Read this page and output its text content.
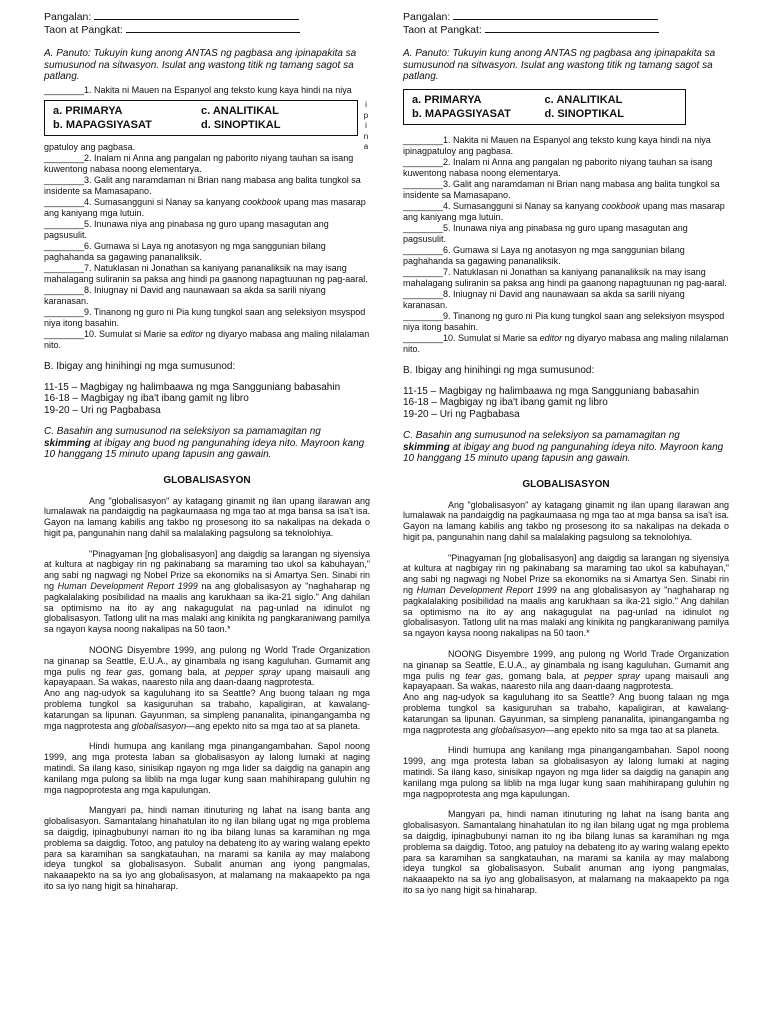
Pangalan:
Taon at Pangkat:
A. Panuto: Tukuyin kung anong ANTAS ng pagbasa ang ipinapakita sa sumusunod na sitwasyon. Isulat ang wastong titik ng tamang sagot sa patlang.
________1. Nakita ni Mauen na Espanyol ang teksto kung kaya hindi na niya
a. PRIMARYA	c. ANALITIKAL
b. MAPAGSIYASAT	d. SINOPTIKAL
gpatuloy ang pagbasa.
________2. Inalam ni Anna ang pangalan ng paborito niyang tauhan sa isang kuwentong nabasa noong elementarya.
________3. Galit ang naramdaman ni Brian nang mabasa ang balita tungkol sa insidente sa Mamasapano.
________4. Sumasangguni si Nanay sa kanyang cookbook upang mas masarap ang kaniyang mga lutuin.
________5. Inunawa niya ang pinabasa ng guro upang masagutan ang pagsusulit.
________6. Gumawa si Laya ng anotasyon ng mga sanggunian bilang paghahanda sa gagawing pananaliksik.
________7. Natuklasan ni Jonathan sa kaniyang pananaliksik na may isang mahalagang suliranin sa paksa ang hindi pa gaanong napagtuunan ng pag-aaral.
________8. Iniugnay ni David ang naunawaan sa akda sa sarili niyang karanasan.
________9. Tinanong ng guro ni Pia kung tungkol saan ang seleksiyon msyspod niya itong basahin.
________10. Sumulat si Marie sa editor ng diyaryo mabasa ang maling nilalaman nito.
B. Ibigay ang hinihingi ng mga sumusunod:
11-15 – Magbigay ng halimbaawa ng mga Sangguniang babasahin
16-18 – Magbigay ng iba't ibang gamit ng libro
19-20 – Uri ng Pagbabasa
C. Basahin ang sumusunod na seleksiyon sa pamamagitan ng skimming at ibigay ang buod ng pangunahing ideya nito. Mayroon kang 10 hanggang 15 minuto upang tapusin ang gawain.
GLOBALISASYON

Ang "globalisasyon" ay katagang ginamit ng ilan upang ilarawan ang lumalawak na pandaigdig na pagkaumaasa ng mga tao at mga bansa sa isa't isa. Gayon na lamang kabilis ang takbo ng prosesong ito sa nakalipas na dekada o higit pa, pangunahin nang dahil sa malalaking pagsulong sa teknolohiya.

"Pinagyaman [ng globalisasyon] ang daigdig sa larangan ng siyensiya at kultura at nagbigay rin ng pakinabang sa maraming tao ukol sa kabuhayan," ang sabi ng nagwagi ng Nobel Prize sa ekonomiks na si Amartya Sen. Sinabi rin ng Human Development Report 1999 na ang globalisasyon ay "naghaharap ng pagkalalaking posibilidad na maalis ang karukhaan sa ika-21 siglo." Ang dahilan sa optimismo na ito ay ang nakagugulat na pag-unlad na idinulot ng globalisasyon. Tatlong ulit na mas malaki ang kinikita ng pangkaraniwang pamilya sa ngayon kaysa noong nakalipas na 50 taon.*

NOONG Disyembre 1999, ang pulong ng World Trade Organization na ginanap sa Seattle, E.U.A., ay ginambala ng isang kaguluhan. Gumamit ang mga pulis ng tear gas, gomang bala, at pepper spray upang maisauli ang kapayapaan. Sa wakas, naaresto nila ang daan-daang nagprotesta.

Ano ang nag-udyok sa kaguluhang ito sa Seattle? Ang buong talaan ng mga problema tungkol sa kasiguruhan sa trabaho, kapaligiran, at kawalang-katarungan sa lipunan. Gayunman, sa simpleng pananalita, ipinangangamba ng mga nagprotesta ang globalisasyon—ang epekto nito sa mga tao at sa planeta.

Hindi humupa ang kanilang mga pinangangambahan. Sapol noong 1999, ang mga protesta laban sa globalisasyon ay lalong lumaki at naging matindi. Sa ilang kaso, sinisikap ngayon ng mga lider sa daigdig na ganapin ang kanilang mga pulong sa liblib na mga lugar kung saan mahihirapang guluhin ng mga nagpoprotesta ang mga kapulungan.

Mangyari pa, hindi naman itinuturing ng lahat na isang banta ang globalisasyon. Samantalang hinahatulan ito ng ilan bilang ugat ng mga problema sa daigdig, ipinagbubunyi naman ito ng iba bilang lunas sa karamihan ng mga problema sa daigdig. Totoo, ang patuloy na debateng ito ay waring walang epekto para sa karamihan sa sangkatauhan, na marami sa kanila ay may malabong ideya tungkol sa globalisasyon. Subalit anuman ang iyong pangmalas, nakaaapekto na sa iyo ang globalisasyon, at malamang na makaapekto pa nga ito sa iyo nang higit sa hinaharap.

i
p
i
n
a
Pangalan:
Taon at Pangkat:
A. Panuto: Tukuyin kung anong ANTAS ng pagbasa ang ipinapakita sa sumusunod na sitwasyon. Isulat ang wastong titik ng tamang sagot sa patlang.
a. PRIMARYA	c. ANALITIKAL
b. MAPAGSIYASAT	d. SINOPTIKAL
________1. Nakita ni Mauen na Espanyol ang teksto kung kaya hindi na niya ipinagpatuloy ang pagbasa.
________2. Inalam ni Anna ang pangalan ng paborito niyang tauhan sa isang kuwentong nabasa noong elementarya.
________3. Galit ang naramdaman ni Brian nang mabasa ang balita tungkol sa insidente sa Mamasapano.
________4. Sumasangguni si Nanay sa kanyang cookbook upang mas masarap ang kaniyang mga lutuin.
________5. Inunawa niya ang pinabasa ng guro upang masagutan ang pagsusulit.
________6. Gumawa si Laya ng anotasyon ng mga sanggunian bilang paghahanda sa gagawing pananaliksik.
________7. Natuklasan ni Jonathan sa kaniyang pananaliksik na may isang mahalagang suliranin sa paksa ang hindi pa gaanong napagtuunan ng pag-aaral.
________8. Iniugnay ni David ang naunawaan sa akda sa sarili niyang karanasan.
________9. Tinanong ng guro ni Pia kung tungkol saan ang seleksiyon msyspod niya itong basahin.
________10. Sumulat si Marie sa editor ng diyaryo mabasa ang maling nilalaman nito.
B. Ibigay ang hinihingi ng mga sumusunod:
11-15 – Magbigay ng halimbaawa ng mga Sangguniang babasahin
16-18 – Magbigay ng iba't ibang gamit ng libro
19-20 – Uri ng Pagbabasa
C. Basahin ang sumusunod na seleksiyon sa pamamagitan ng skimming at ibigay ang buod ng pangunahing ideya nito. Mayroon kang 10 hanggang 15 minuto upang tapusin ang gawain.
GLOBALISASYON

Ang "globalisasyon" ay katagang ginamit ng ilan upang ilarawan ang lumalawak na pandaigdig na pagkaumaasa ng mga tao at mga bansa sa isa't isa. Gayon na lamang kabilis ang takbo ng prosesong ito sa nakalipas na dekada o higit pa, pangunahin nang dahil sa malalaking pagsulong sa teknolohiya.

"Pinagyaman [ng globalisasyon] ang daigdig sa larangan ng siyensiya at kultura at nagbigay rin ng pakinabang sa maraming tao ukol sa kabuhayan," ang sabi ng nagwagi ng Nobel Prize sa ekonomiks na si Amartya Sen. Sinabi rin ng Human Development Report 1999 na ang globalisasyon ay "naghaharap ng pagkalalaking posibilidad na maalis ang karukhaan sa ika-21 siglo." Ang dahilan sa optimismo na ito ay ang nakagugulat na pag-unlad na idinulot ng globalisasyon. Tatlong ulit na mas malaki ang kinikita ng pangkaraniwang pamilya sa ngayon kaysa noong nakalipas na 50 taon.*

NOONG Disyembre 1999, ang pulong ng World Trade Organization na ginanap sa Seattle, E.U.A., ay ginambala ng isang kaguluhan. Gumamit ang mga pulis ng tear gas, gomang bala, at pepper spray upang maisauli ang kapayapaan. Sa wakas, naaresto nila ang daan-daang nagprotesta.

Ano ang nag-udyok sa kaguluhang ito sa Seattle? Ang buong talaan ng mga problema tungkol sa kasiguruhan sa trabaho, kapaligiran, at kawalang-katarungan sa lipunan. Gayunman, sa simpleng pananalita, ipinangangamba ng mga nagprotesta ang globalisasyon—ang epekto nito sa mga tao at sa planeta.

Hindi humupa ang kanilang mga pinangangambahan. Sapol noong 1999, ang mga protesta laban sa globalisasyon ay lalong lumaki at naging matindi. Sa ilang kaso, sinisikap ngayon ng mga lider sa daigdig na ganapin ang kanilang mga pulong sa liblib na mga lugar kung saan mahihirapang guluhin ng mga nagpoprotesta ang mga kapulungan.

Mangyari pa, hindi naman itinuturing ng lahat na isang banta ang globalisasyon. Samantalang hinahatulan ito ng ilan bilang ugat ng mga problema sa daigdig, ipinagbubunyi naman ito ng iba bilang lunas sa karamihan ng mga problema sa daigdig. Totoo, ang patuloy na debateng ito ay waring walang epekto para sa karamihan sa sangkatauhan, na marami sa kanila ay may malabong ideya tungkol sa globalisasyon. Subalit anuman ang iyong pangmalas, nakaaapekto na sa iyo ang globalisasyon, at malamang na makaapekto pa nga ito sa iyo nang higit sa hinaharap.
